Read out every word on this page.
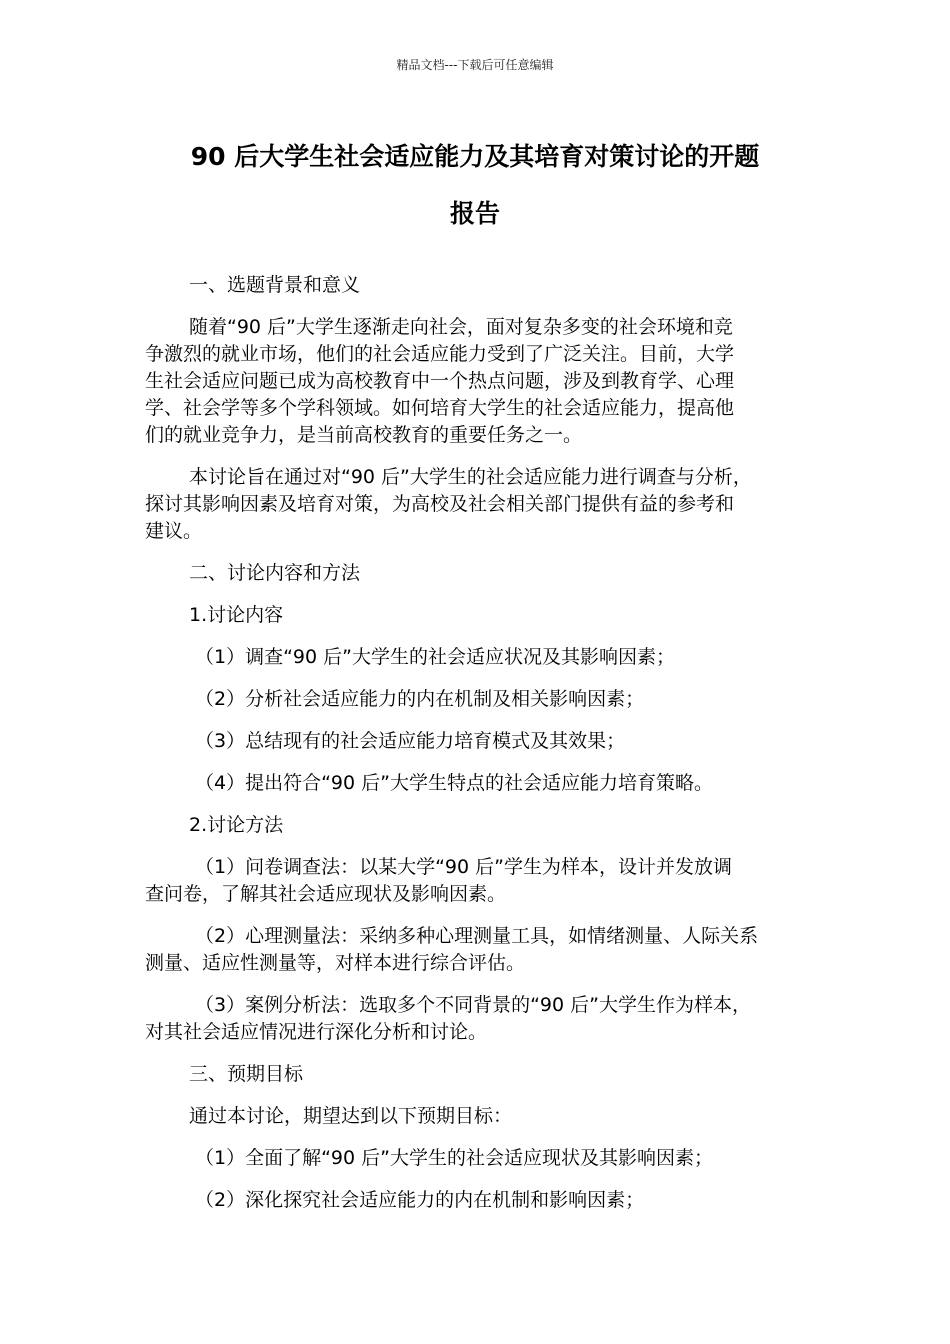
精品文档---下载后可任意编辑
90 后大学生社会适应能力及其培育对策讨论的开题
报告

一、选题背景和意义

随着“90 后”大学生逐渐走向社会，面对复杂多变的社会环境和竞

争激烈的就业市场，他们的社会适应能力受到了广泛关注。目前，大学

生社会适应问题已成为高校教育中一个热点问题，涉及到教育学、心理

学、社会学等多个学科领域。如何培育大学生的社会适应能力，提高他

们的就业竞争力，是当前高校教育的重要任务之一。

本讨论旨在通过对“90 后”大学生的社会适应能力进行调查与分析，

探讨其影响因素及培育对策，为高校及社会相关部门提供有益的参考和

建议。

二、讨论内容和方法

1.讨论内容

（1）调查“90 后”大学生的社会适应状况及其影响因素；

（2）分析社会适应能力的内在机制及相关影响因素；

（3）总结现有的社会适应能力培育模式及其效果；

（4）提出符合“90 后”大学生特点的社会适应能力培育策略。

2.讨论方法

（1）问卷调查法：以某大学“90 后”学生为样本，设计并发放调

查问卷，了解其社会适应现状及影响因素。

（2）心理测量法：采纳多种心理测量工具，如情绪测量、人际关系

测量、适应性测量等，对样本进行综合评估。

（3）案例分析法：选取多个不同背景的“90 后”大学生作为样本，

对其社会适应情况进行深化分析和讨论。

三、预期目标

通过本讨论，期望达到以下预期目标：

（1）全面了解“90 后”大学生的社会适应现状及其影响因素；

（2）深化探究社会适应能力的内在机制和影响因素；
